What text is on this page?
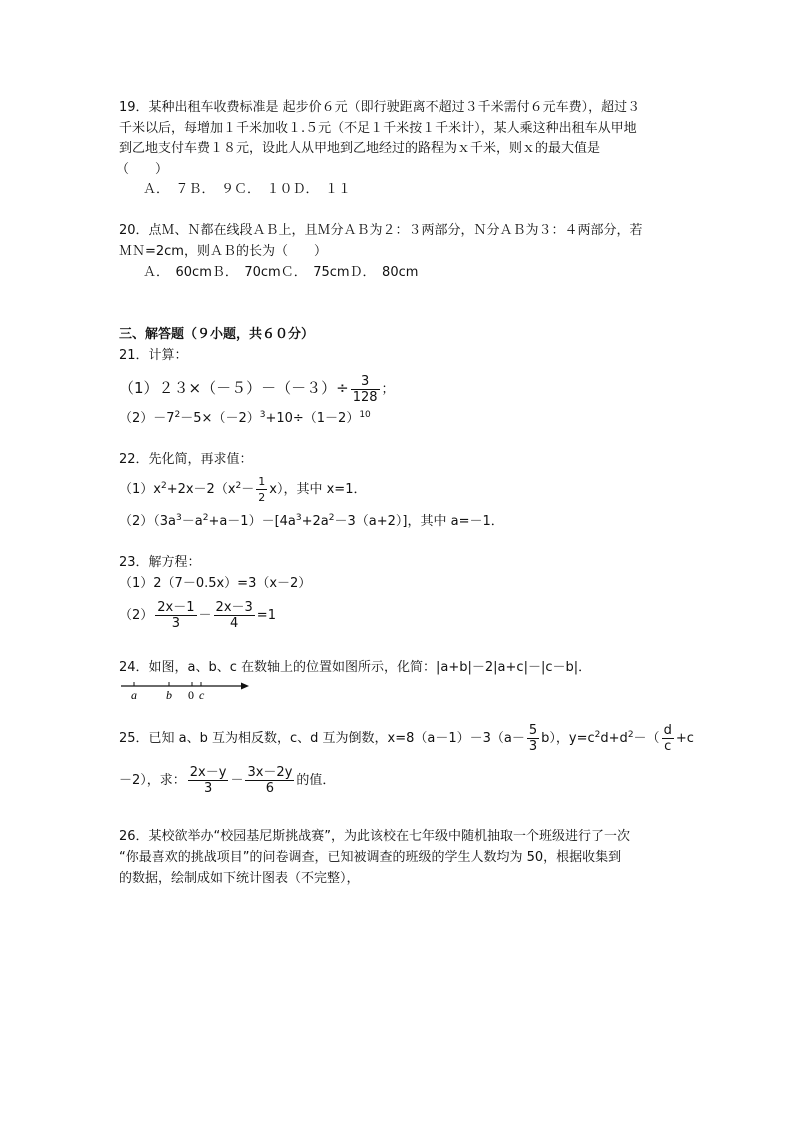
19．某种出租车收费标准是 起步价６元（即行驶距离不超过３千米需付６元车费），超过３
千米以后，每增加１千米加收１.５元（不足１千米按１千米计），某人乘这种出租车从甲地
到乙地支付车费１８元，设此人从甲地到乙地经过的路程为ｘ千米，则ｘ的最大值是
（　　）
Ａ．　７Ｂ．　９Ｃ．　１０Ｄ．　１１
20．点Ｍ、Ｎ都在线段ＡＢ上，且Ｍ分ＡＢ为２：３两部分，Ｎ分ＡＢ为３：４两部分，若
ＭＮ=2cm，则ＡＢ的长为（　　）
Ａ．　60cmＢ．　70cmＣ．　75cmＤ．　80cm
三、解答题（９小题，共６０分）
21．计算：
$(1)23\times(-5)-(-3)\div \frac{3}{128}$ ；
$(2)-7^2-5\times(-2)^3+10\div(1-2)^{10}$
22．先化简，再求值：
$(1)x^2+2x-2(x^2- \frac{1}{2} x)$，其中 x=1．
$(2)(3a^3-a^2+a-1)-[4a^3+2a^2-3(a+2)]$，其中 a=－1．
23．解方程：
（1）2（7－0.5x）=3（x－2）
$(2) \frac{2x-1}{3} - \frac{2x-3}{4} =1$
24．如图，a、b、c 在数轴上的位置如图所示，化简：|a+b|－2|a+c|－|c－b|．
a b 0 c
25．已知 a、b 互为相反数，c、d 互为倒数，$x=8(a-1)-3(a- \frac{5}{3} b)$，$y=c^2d+d^2-( \frac{d}{c} +c$
－2），求： $\frac{2x-y}{3} - \frac{3x-2y}{6}$ 的值．
26．某校欲举办“校园基尼斯挑战赛”，为此该校在七年级中随机抽取一个班级进行了一次
“你最喜欢的挑战项目”的问卷调查，已知被调查的班级的学生人数均为 50，根据收集到
的数据，绘制成如下统计图表（不完整），
